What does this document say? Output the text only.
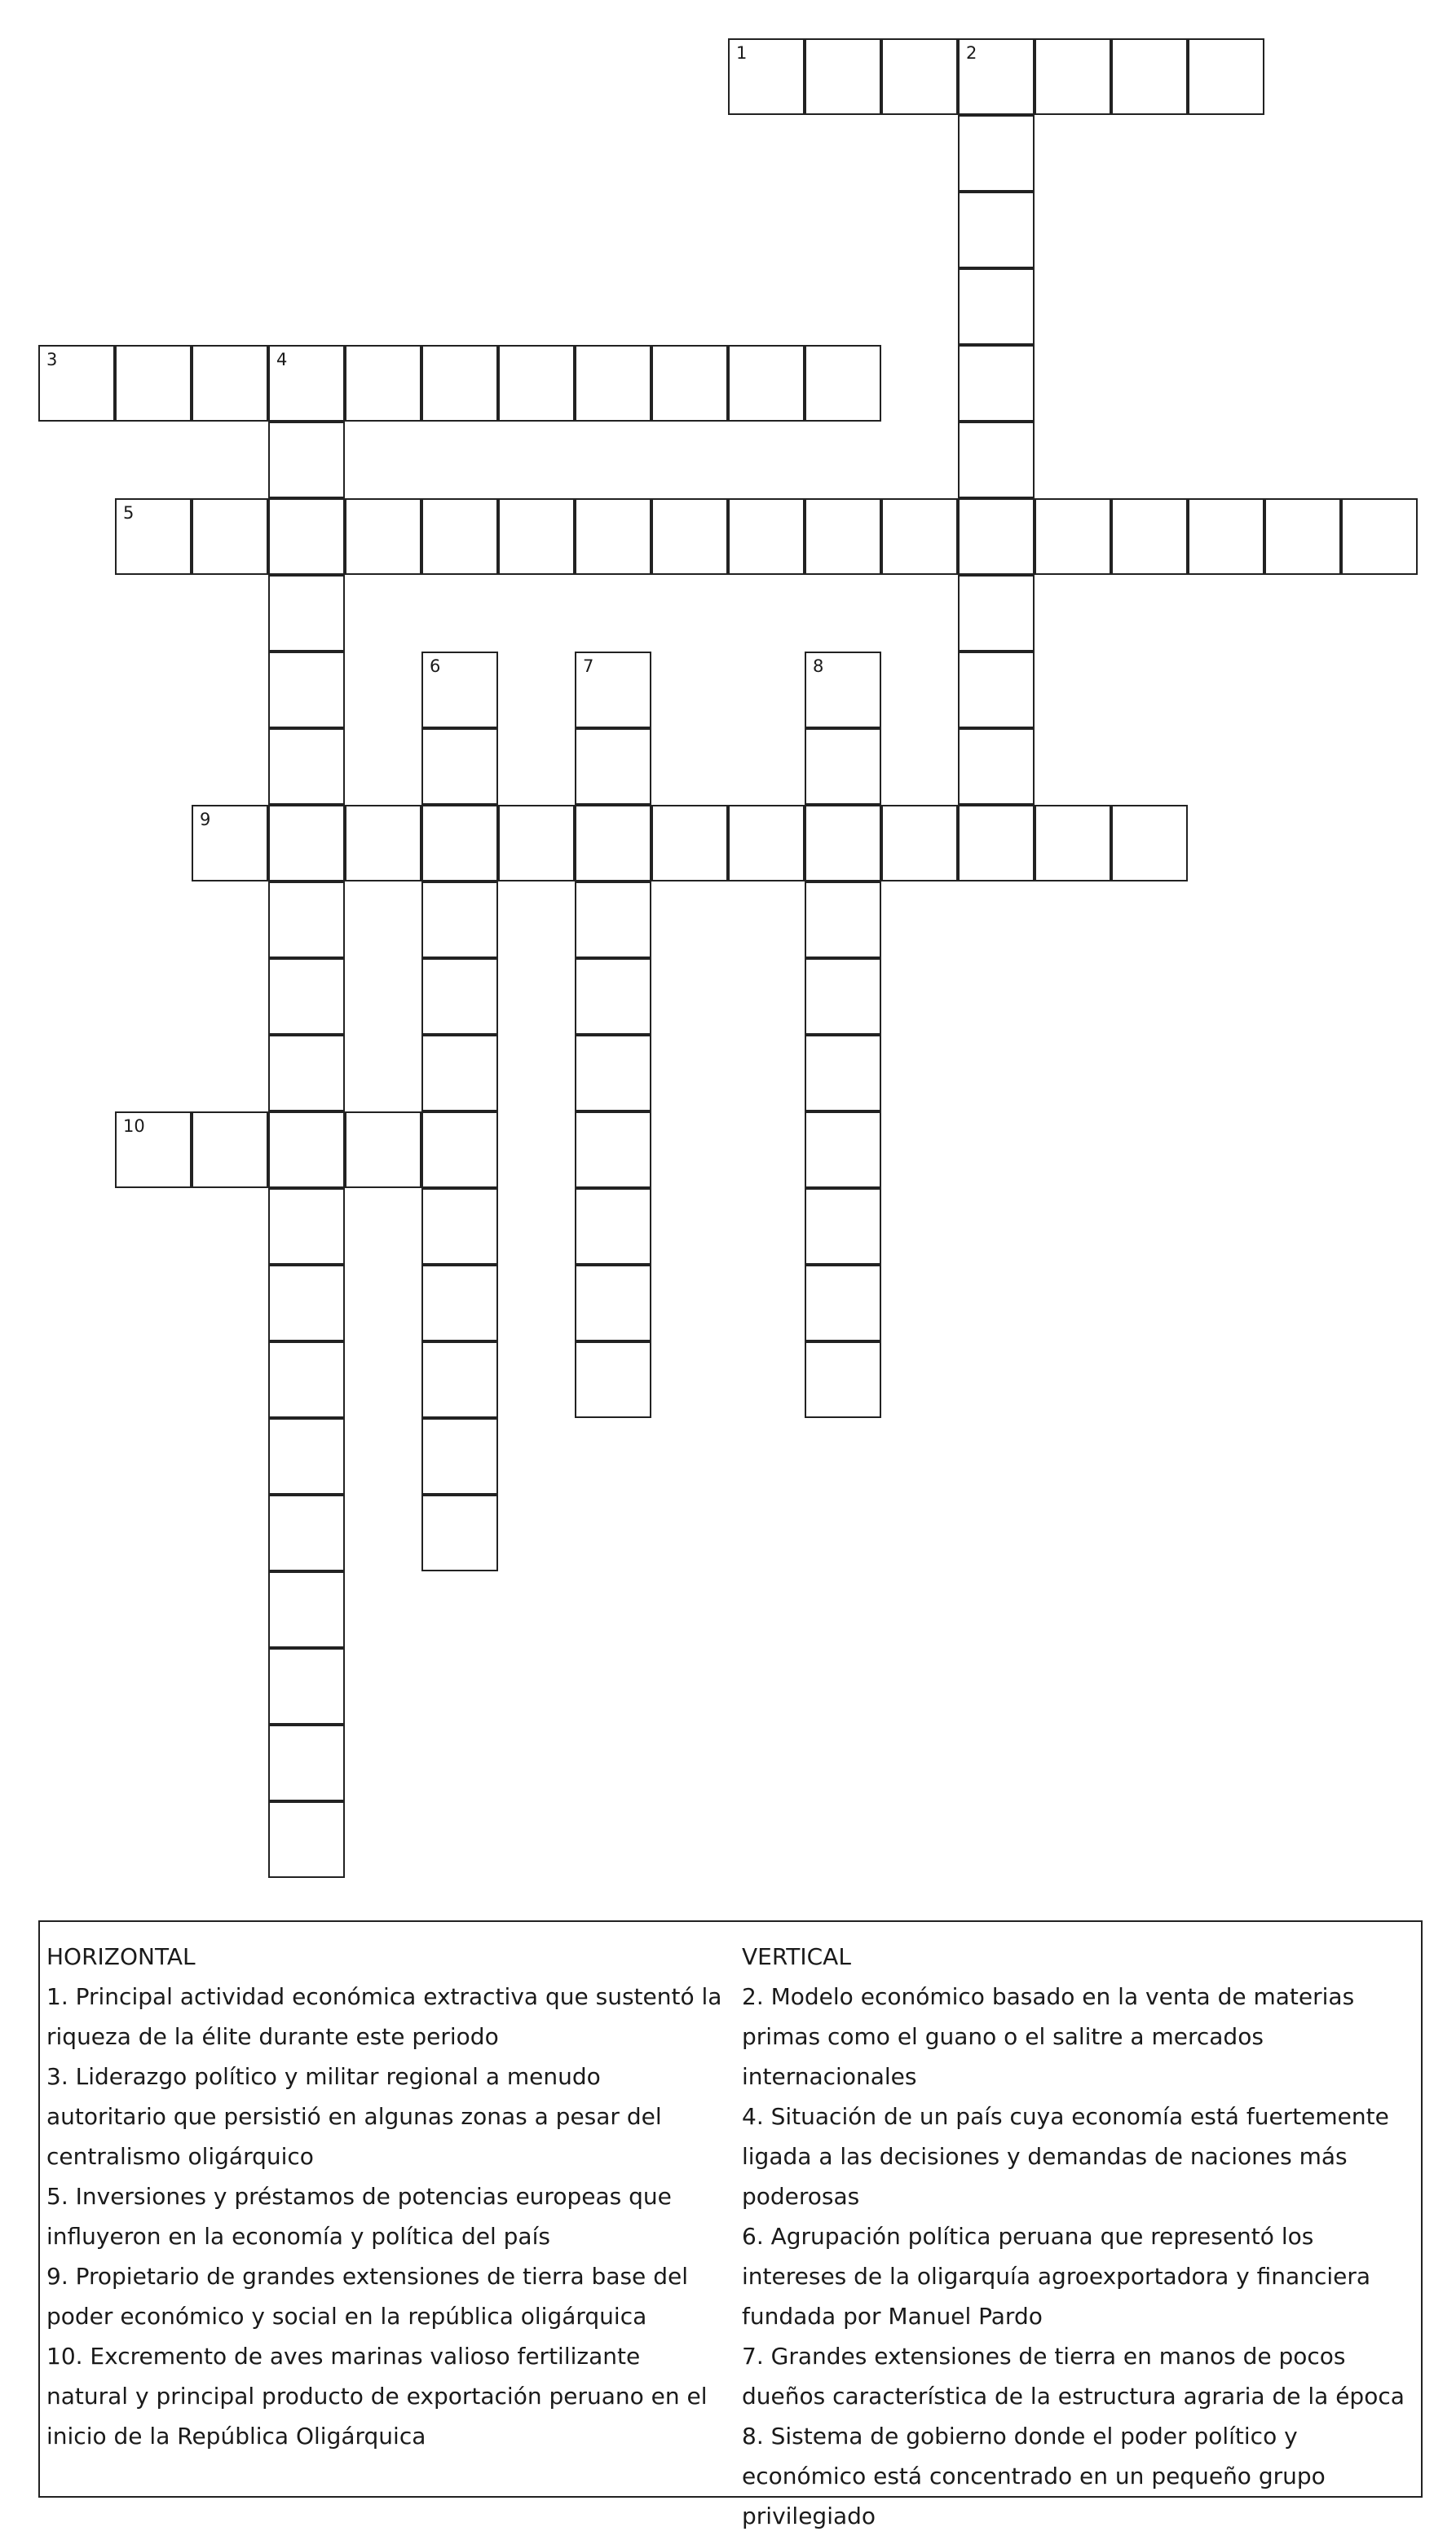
1	2
3	4
5
6	7	8
9
10
HORIZONTAL
1. Principal actividad económica extractiva que sustentó la riqueza de la élite durante este periodo
3. Liderazgo político y militar regional a menudo autoritario que persistió en algunas zonas a pesar del centralismo oligárquico
5. Inversiones y préstamos de potencias europeas que influyeron en la economía y política del país
9. Propietario de grandes extensiones de tierra base del poder económico y social en la república oligárquica
10. Excremento de aves marinas valioso fertilizante natural y principal producto de exportación peruano en el inicio de la República Oligárquica
VERTICAL
2. Modelo económico basado en la venta de materias primas como el guano o el salitre a mercados internacionales
4. Situación de un país cuya economía está fuertemente ligada a las decisiones y demandas de naciones más poderosas
6. Agrupación política peruana que representó los intereses de la oligarquía agroexportadora y financiera fundada por Manuel Pardo
7. Grandes extensiones de tierra en manos de pocos dueños característica de la estructura agraria de la época
8. Sistema de gobierno donde el poder político y económico está concentrado en un pequeño grupo privilegiado
